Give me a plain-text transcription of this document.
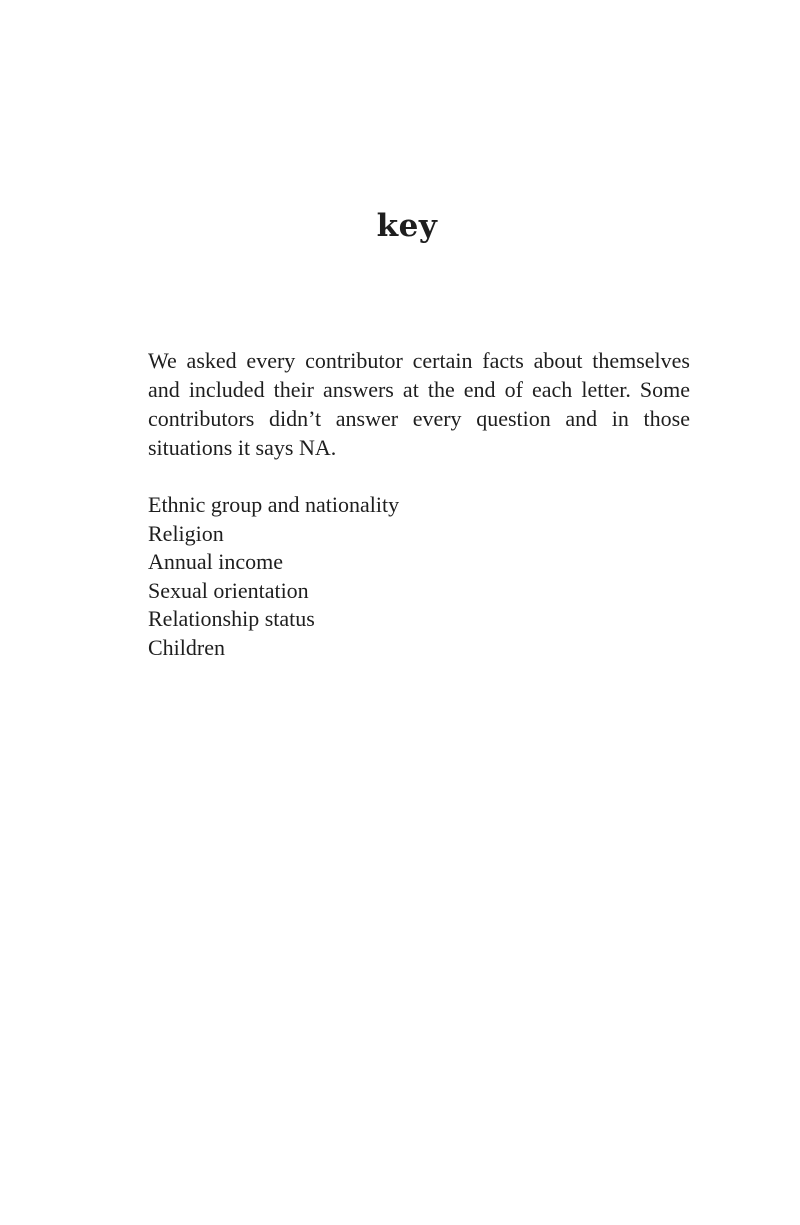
key

We asked every contributor certain facts about themselves and included their answers at the end of each letter. Some contributors didn’t answer every question and in those situations it says NA.

Ethnic group and nationality
Religion
Annual income
Sexual orientation
Relationship status
Children
